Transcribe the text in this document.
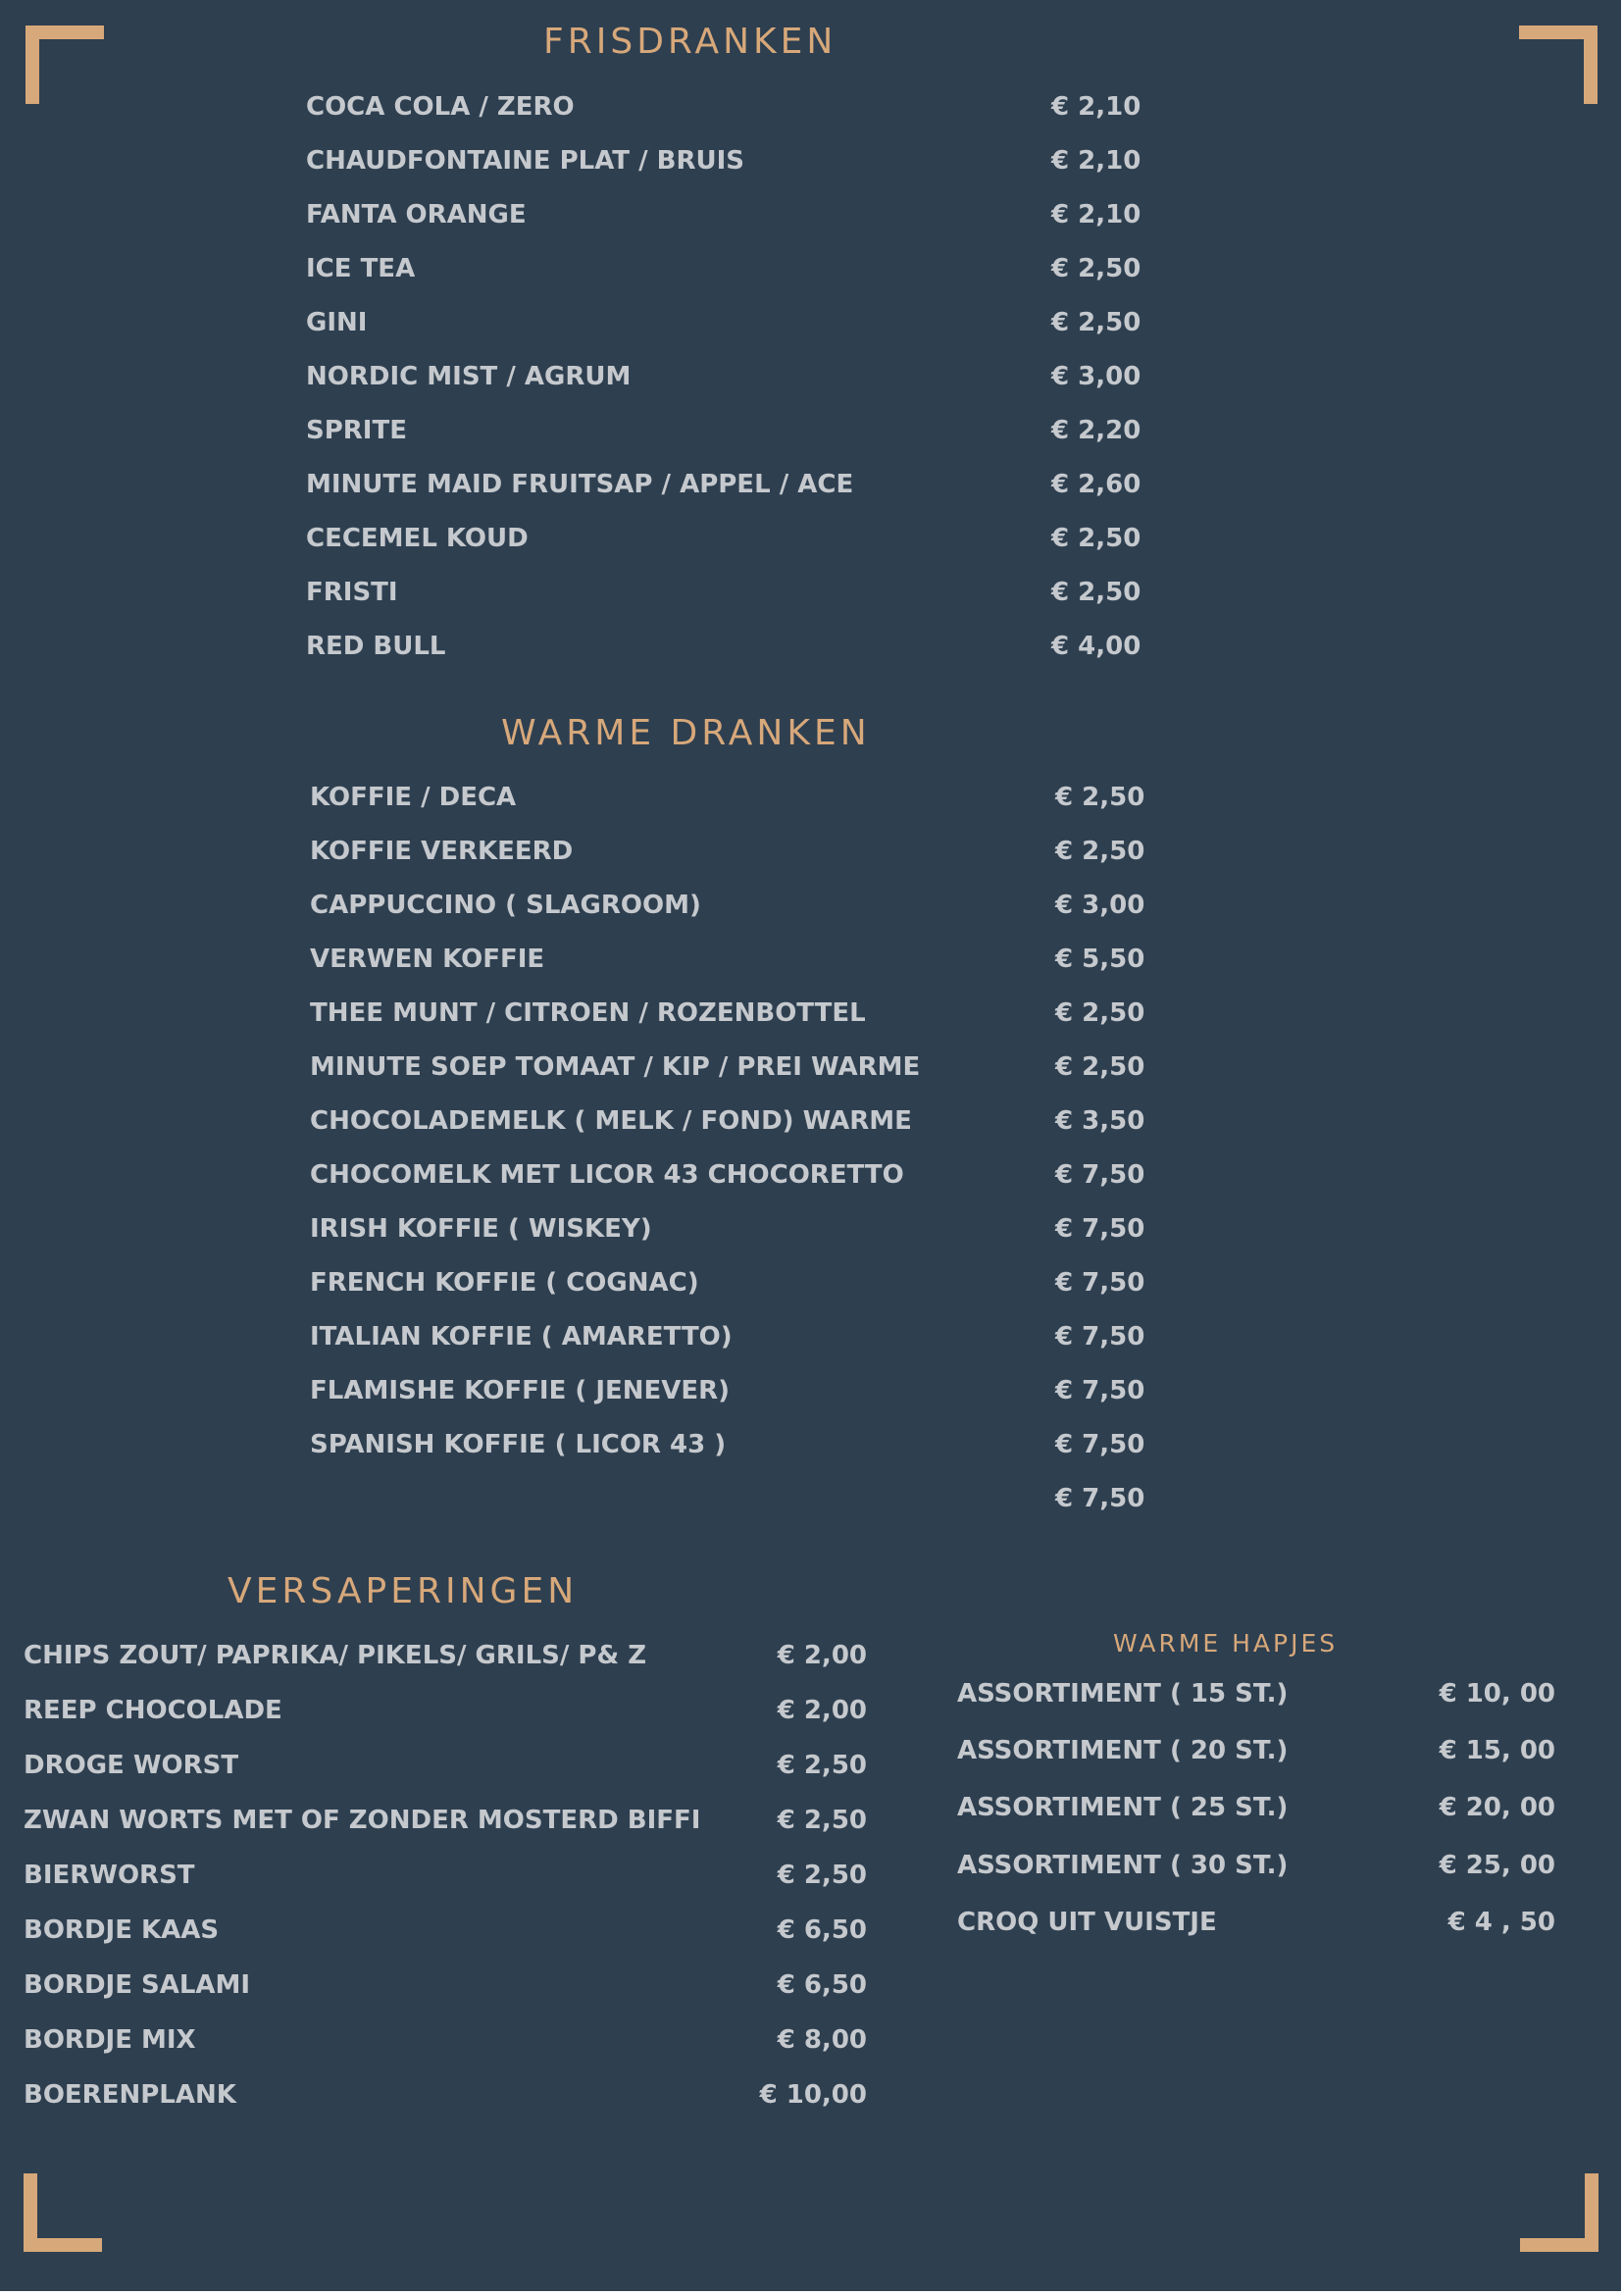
FRISDRANKEN
COCA COLA / ZERO	€ 2,10
CHAUDFONTAINE PLAT / BRUIS	€ 2,10
FANTA ORANGE	€ 2,10
ICE TEA	€ 2,50
GINI	€ 2,50
NORDIC MIST / AGRUM	€ 3,00
SPRITE	€ 2,20
MINUTE MAID FRUITSAP / APPEL / ACE	€ 2,60
CECEMEL KOUD	€ 2,50
FRISTI	€ 2,50
RED BULL	€ 4,00
WARME DRANKEN
KOFFIE / DECA	€ 2,50
KOFFIE VERKEERD	€ 2,50
CAPPUCCINO ( SLAGROOM)	€ 3,00
VERWEN KOFFIE	€ 5,50
THEE MUNT / CITROEN / ROZENBOTTEL	€ 2,50
MINUTE SOEP TOMAAT / KIP / PREI WARME	€ 2,50
CHOCOLADEMELK ( MELK / FOND) WARME	€ 3,50
CHOCOMELK MET LICOR 43 CHOCORETTO	€ 7,50
IRISH KOFFIE ( WISKEY)	€ 7,50
FRENCH KOFFIE ( COGNAC)	€ 7,50
ITALIAN KOFFIE ( AMARETTO)	€ 7,50
FLAMISHE KOFFIE ( JENEVER)	€ 7,50
SPANISH KOFFIE ( LICOR 43 )	€ 7,50
€ 7,50
VERSAPERINGEN
CHIPS ZOUT/ PAPRIKA/ PIKELS/ GRILS/ P& Z	€ 2,00
REEP CHOCOLADE	€ 2,00
DROGE WORST	€ 2,50
ZWAN WORTS MET OF ZONDER MOSTERD BIFFI	€ 2,50
BIERWORST	€ 2,50
BORDJE KAAS	€ 6,50
BORDJE SALAMI	€ 6,50
BORDJE MIX	€ 8,00
BOERENPLANK	€ 10,00
WARME HAPJES
ASSORTIMENT ( 15 ST.)	€ 10, 00
ASSORTIMENT ( 20 ST.)	€ 15, 00
ASSORTIMENT ( 25 ST.)	€ 20, 00
ASSORTIMENT ( 30 ST.)	€ 25, 00
CROQ UIT VUISTJE	€ 4 , 50
